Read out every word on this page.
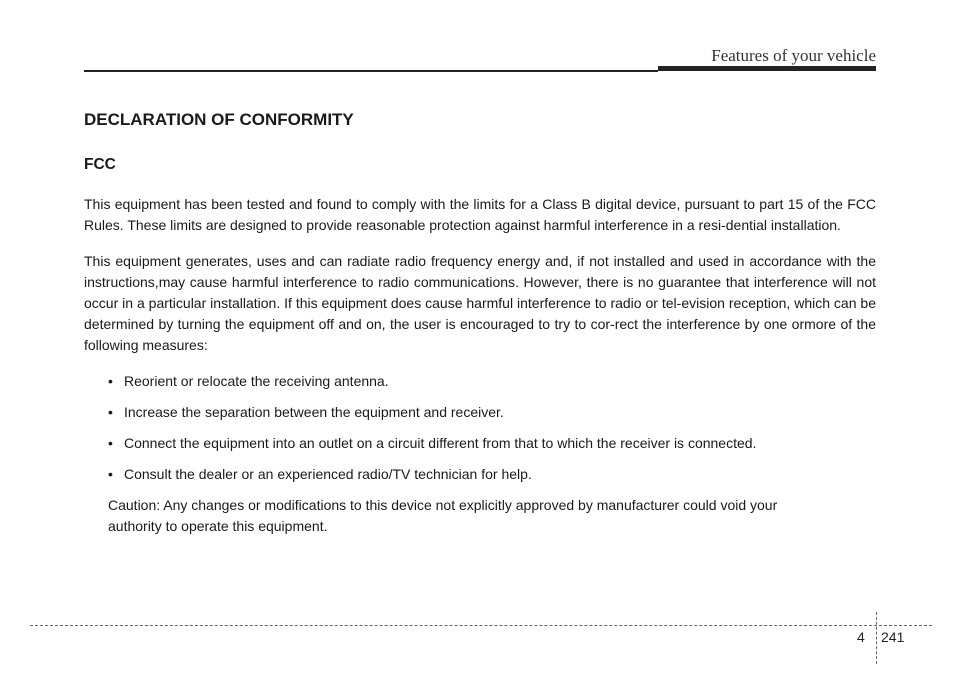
Features of your vehicle
DECLARATION OF CONFORMITY
FCC

This equipment has been tested and found to comply with the limits for a Class B digital device, pursuant to part 15 of the FCC Rules. These limits are designed to provide reasonable protection against harmful interference in a resi-dential installation.

This equipment generates, uses and can radiate radio frequency energy and, if not installed and used in accordance with the instructions,may cause harmful interference to radio communications. However, there is no guarantee that interference will not occur in a particular installation. If this equipment does cause harmful interference to radio or tel-evision reception, which can be determined by turning the equipment off and on, the user is encouraged to try to cor-rect the interference by one ormore of the following measures:

• Reorient or relocate the receiving antenna.
• Increase the separation between the equipment and receiver.
• Connect the equipment into an outlet on a circuit different from that to which the receiver is connected.
• Consult the dealer or an experienced radio/TV technician for help.

Caution: Any changes or modifications to this device not explicitly approved by manufacturer could void your authority to operate this equipment.

4 241
